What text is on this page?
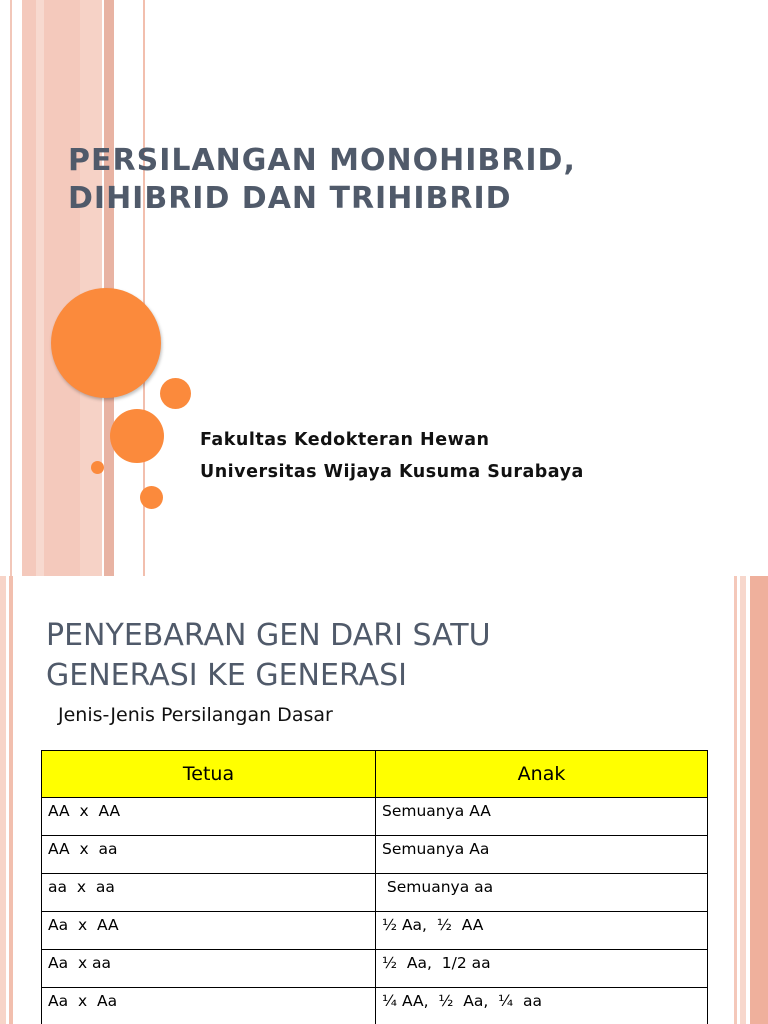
PERSILANGAN MONOHIBRID,
DIHIBRID DAN TRIHIBRID
Fakultas Kedokteran Hewan
Universitas Wijaya Kusuma Surabaya
PENYEBARAN GEN DARI SATU
GENERASI KE GENERASI
Jenis-Jenis Persilangan Dasar
Tetua	Anak
AA  x  AA	Semuanya AA
AA  x  aa	Semuanya Aa
aa  x  aa	Semuanya aa
Aa  x  AA	½ Aa,  ½  AA
Aa  x aa	½  Aa,  1/2 aa
Aa  x  Aa	¼ AA,  ½  Aa,  ¼  aa
